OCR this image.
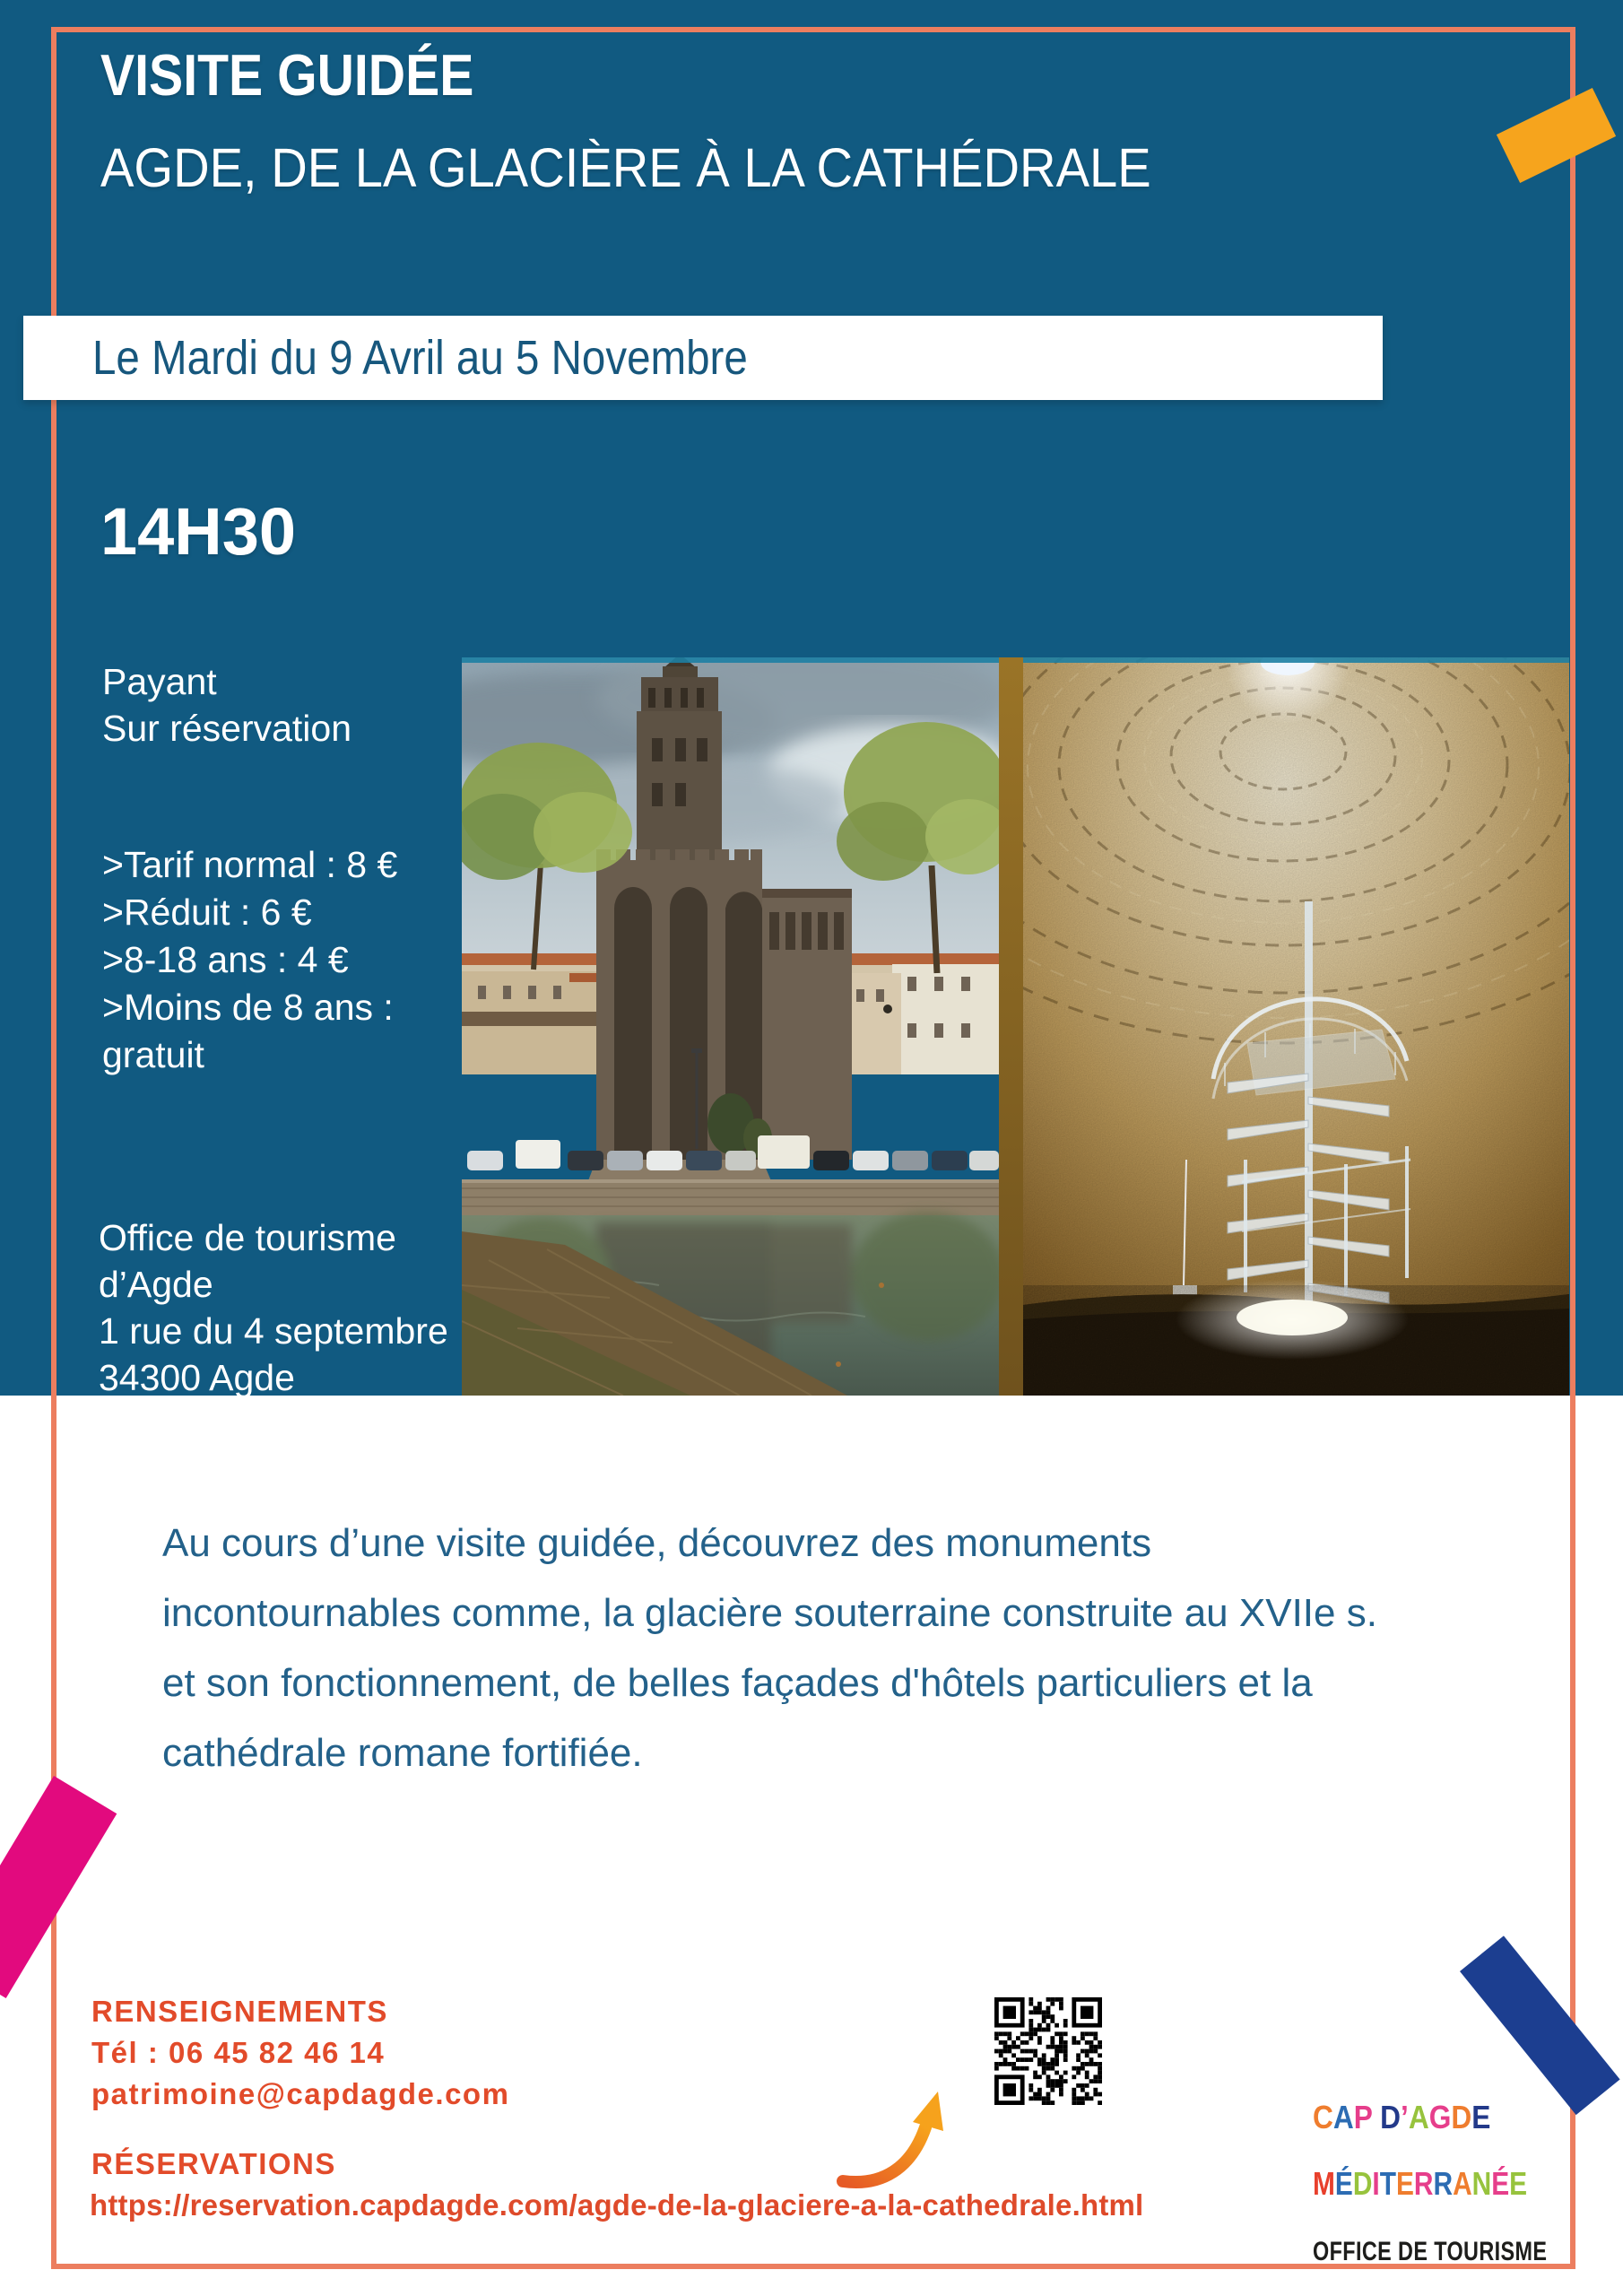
VISITE GUIDÉE
AGDE, DE LA GLACIÈRE À LA CATHÉDRALE
Le Mardi du 9 Avril au 5 Novembre
14H30
Payant
Sur réservation
>Tarif normal : 8 €
>Réduit : 6 €
>8-18 ans : 4 €
>Moins de 8 ans :
gratuit
Office de tourisme
d’Agde
1 rue du 4 septembre
34300 Agde
Au cours d’une visite guidée, découvrez des monuments
incontournables comme, la glacière souterraine construite au XVIIe s.
et son fonctionnement, de belles façades d'hôtels particuliers et la
cathédrale romane fortifiée.
RENSEIGNEMENTS
Tél : 06 45 82 46 14
patrimoine@capdagde.com
RÉSERVATIONS
https://reservation.capdagde.com/agde-de-la-glaciere-a-la-cathedrale.html

CAP D’AGDE

MÉDITERRANÉE

OFFICE DE TOURISME
